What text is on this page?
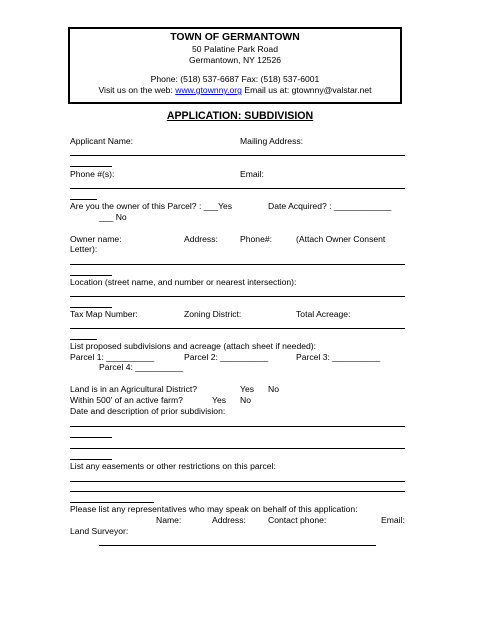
TOWN OF GERMANTOWN
50 Palatine Park Road
Germantown, NY 12526
Phone: (518) 537-6687 Fax: (518) 537-6001
Visit us on the web: www.gtownny.org Email us at: gtownny@valstar.net
APPLICATION: SUBDIVISION
Applicant Name:	Mailing Address:
Phone #(s):	Email:
Are you the owner of this Parcel? : ___Yes	Date Acquired? : ____________
___ No
Owner name:	Address:	Phone#:	(Attach Owner Consent
Letter):
Location (street name, and number or nearest intersection):
Tax Map Number:	Zoning District:	Total Acreage:
List proposed subdivisions and acreage (attach sheet if needed):
Parcel 1: __________	Parcel 2: __________	Parcel 3: __________
Parcel 4: __________
Land is in an Agricultural District?	Yes No
Within 500' of an active farm?	Yes No
Date and description of prior subdivision:
List any easements or other restrictions on this parcel:
Please list any representatives who may speak on behalf of this application:
Name:	Address:	Contact phone:	Email:
Land Surveyor:
